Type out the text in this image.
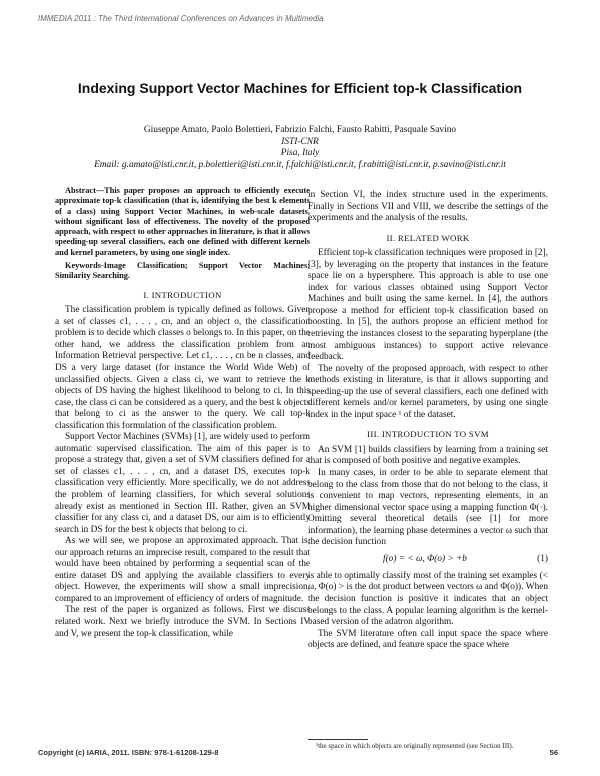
IMMEDIA 2011 : The Third International Conferences on Advances in Multimedia
Indexing Support Vector Machines for Efficient top-k Classification
Giuseppe Amato, Paolo Bolettieri, Fabrizio Falchi, Fausto Rabitti, Pasquale Savino
ISTI-CNR
Pisa, Italy
Email: g.amato@isti.cnr.it, p.bolettieri@isti.cnr.it, f.falchi@isti.cnr.it, f.rabitti@isti.cnr.it, p.savino@isti.cnr.it

Abstract—This paper proposes an approach to efficiently execute approximate top-k classification (that is, identifying the best k elements of a class) using Support Vector Machines, in web-scale datasets, without significant loss of effectiveness. The novelty of the proposed approach, with respect to other approaches in literature, is that it allows speeding-up several classifiers, each one defined with different kernels and kernel parameters, by using one single index.

Keywords-Image Classification; Support Vector Machines; Similarity Searching.

I. INTRODUCTION

The classification problem is typically defined as follows. Given a set of classes c1, . . . , cn, and an object o, the classification problem is to decide which classes o belongs to. In this paper, on the other hand, we address the classification problem from an Information Retrieval perspective. Let c1, . . . , cn be n classes, and DS a very large dataset (for instance the World Wide Web) of unclassified objects. Given a class ci, we want to retrieve the k objects of DS having the highest likelihood to belong to ci. In this case, the class ci can be considered as a query, and the best k objects that belong to ci as the answer to the query. We call top-k classification this formulation of the classification problem.

Support Vector Machines (SVMs) [1], are widely used to perform automatic supervised classification. The aim of this paper is to propose a strategy that, given a set of SVM classifiers defined for a set of classes c1, . . . , cn, and a dataset DS, executes top-k classification very efficiently. More specifically, we do not address the problem of learning classifiers, for which several solutions already exist as mentioned in Section III. Rather, given an SVM classifier for any class ci, and a dataset DS, our aim is to efficiently search in DS for the best k objects that belong to ci.

As we will see, we propose an approximated approach. That is, our approach returns an imprecise result, compared to the result that would have been obtained by performing a sequential scan of the entire dataset DS and applying the available classifiers to every object. However, the experiments will show a small imprecision, compared to an improvement of efficiency of orders of magnitude.

The rest of the paper is organized as follows. First we discuss related work. Next we briefly introduce the SVM. In Sections IV and V, we present the top-k classification, while

in Section VI, the index structure used in the experiments. Finally in Sections VII and VIII, we describe the settings of the experiments and the analysis of the results.

II. RELATED WORK

Efficient top-k classification techniques were proposed in [2], [3], by leveraging on the property that instances in the feature space lie on a hypersphere. This approach is able to use one index for various classes obtained using Support Vector Machines and built using the same kernel. In [4], the authors propose a method for efficient top-k classification based on boosting. In [5], the authors propose an efficient method for retrieving the instances closest to the separating hyperplane (the most ambiguous instances) to support active relevance feedback.

The novelty of the proposed approach, with respect to other methods existing in literature, is that it allows supporting and speeding-up the use of several classifiers, each one defined with different kernels and/or kernel parameters, by using one single index in the input space ¹ of the dataset.

III. INTRODUCTION TO SVM

An SVM [1] builds classifiers by learning from a training set that is composed of both positive and negative examples.

In many cases, in order to be able to separate element that belong to the class from those that do not belong to the class, it is convenient to map vectors, representing elements, in an higher dimensional vector space using a mapping function Φ(·). Omitting several theoretical details (see [1] for more information), the learning phase determines a vector ω such that the decision function

f(o) = < ω, Φ(o) > +b	(1)

is able to optimally classify most of the training set examples (< ω, Φ(o) > is the dot product between vectors ω and Φ(o)). When the decision function is positive it indicates that an object belongs to the class. A popular learning algorithm is the kernel-based version of the adatron algorithm.

The SVM literature often call input space the space where objects are defined, and feature space the space where

¹the space in which objects are originally represented (see Section III).
Copyright (c) IARIA, 2011. ISBN: 978-1-61208-129-8	56
